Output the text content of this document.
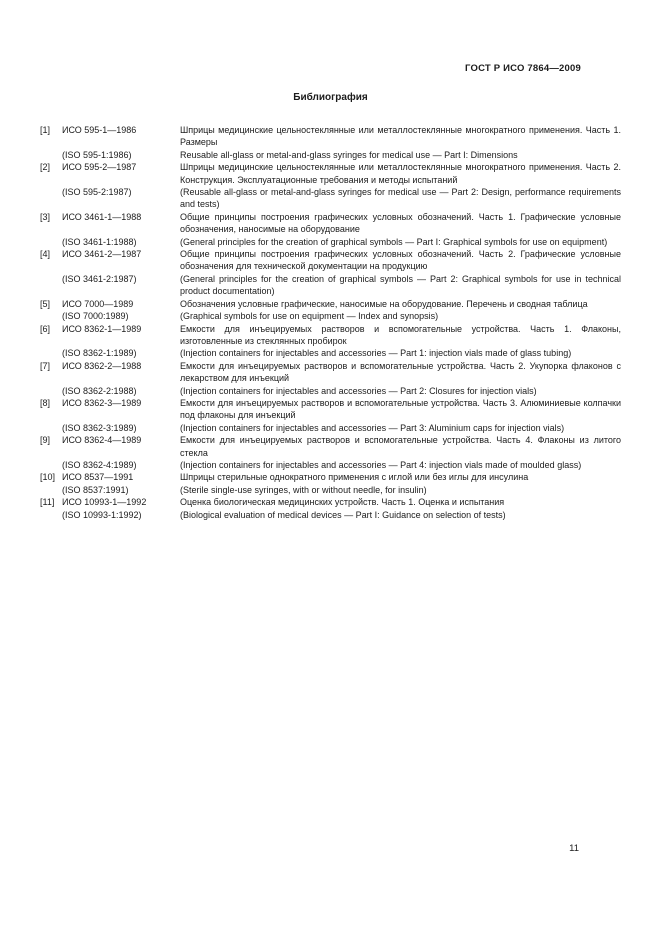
ГОСТ Р ИСО 7864—2009
Библиография
[1] ИСО 595-1—1986	Шприцы медицинские цельностеклянные или металлостеклянные многократного применения. Часть 1. Размеры
(ISO 595-1:1986)	Reusable all-glass or metal-and-glass syringes for medical use — Part I: Dimensions
[2] ИСО 595-2—1987	Шприцы медицинские цельностеклянные или металлостеклянные многократного применения. Часть 2. Конструкция. Эксплуатационные требования и методы испытаний
(ISO 595-2:1987)	(Reusable all-glass or metal-and-glass syringes for medical use — Part 2: Design, performance requirements and tests)
[3] ИСО 3461-1—1988	Общие принципы построения графических условных обозначений. Часть 1. Графические условные обозначения, наносимые на оборудование
(ISO 3461-1:1988)	(General principles for the creation of graphical symbols — Part I: Graphical symbols for use on equipment)
[4] ИСО 3461-2—1987	Общие принципы построения графических условных обозначений. Часть 2. Графические условные обозначения для технической документации на продукцию
(ISO 3461-2:1987)	(General principles for the creation of graphical symbols — Part 2: Graphical symbols for use in technical product documentation)
[5] ИСО 7000—1989	Обозначения условные графические, наносимые на оборудование. Перечень и сводная таблица
(ISO 7000:1989)	(Graphical symbols for use on equipment — Index and synopsis)
[6] ИСО 8362-1—1989	Емкости для инъецируемых растворов и вспомогательные устройства. Часть 1. Флаконы, изготовленные из стеклянных пробирок
(ISO 8362-1:1989)	(Injection containers for injectables and accessories — Part 1: injection vials made of glass tubing)
[7] ИСО 8362-2—1988	Емкости для инъецируемых растворов и вспомогательные устройства. Часть 2. Укупорка флаконов с лекарством для инъекций
(ISO 8362-2:1988)	(Injection containers for injectables and accessories — Part 2: Closures for injection vials)
[8] ИСО 8362-3—1989	Емкости для инъецируемых растворов и вспомогательные устройства. Часть 3. Алюминиевые колпачки под флаконы для инъекций
(ISO 8362-3:1989)	(Injection containers for injectables and accessories — Part 3: Aluminium caps for injection vials)
[9] ИСО 8362-4—1989	Емкости для инъецируемых растворов и вспомогательные устройства. Часть 4. Флаконы из литого стекла
(ISO 8362-4:1989)	(Injection containers for injectables and accessories — Part 4: injection vials made of moulded glass)
[10] ИСО 8537—1991	Шприцы стерильные однократного применения с иглой или без иглы для инсулина
(ISO 8537:1991)	(Sterile single-use syringes, with or without needle, for insulin)
[11] ИСО 10993-1—1992	Оценка биологическая медицинских устройств. Часть 1. Оценка и испытания
(ISO 10993-1:1992)	(Biological evaluation of medical devices — Part I: Guidance on selection of tests)
11
